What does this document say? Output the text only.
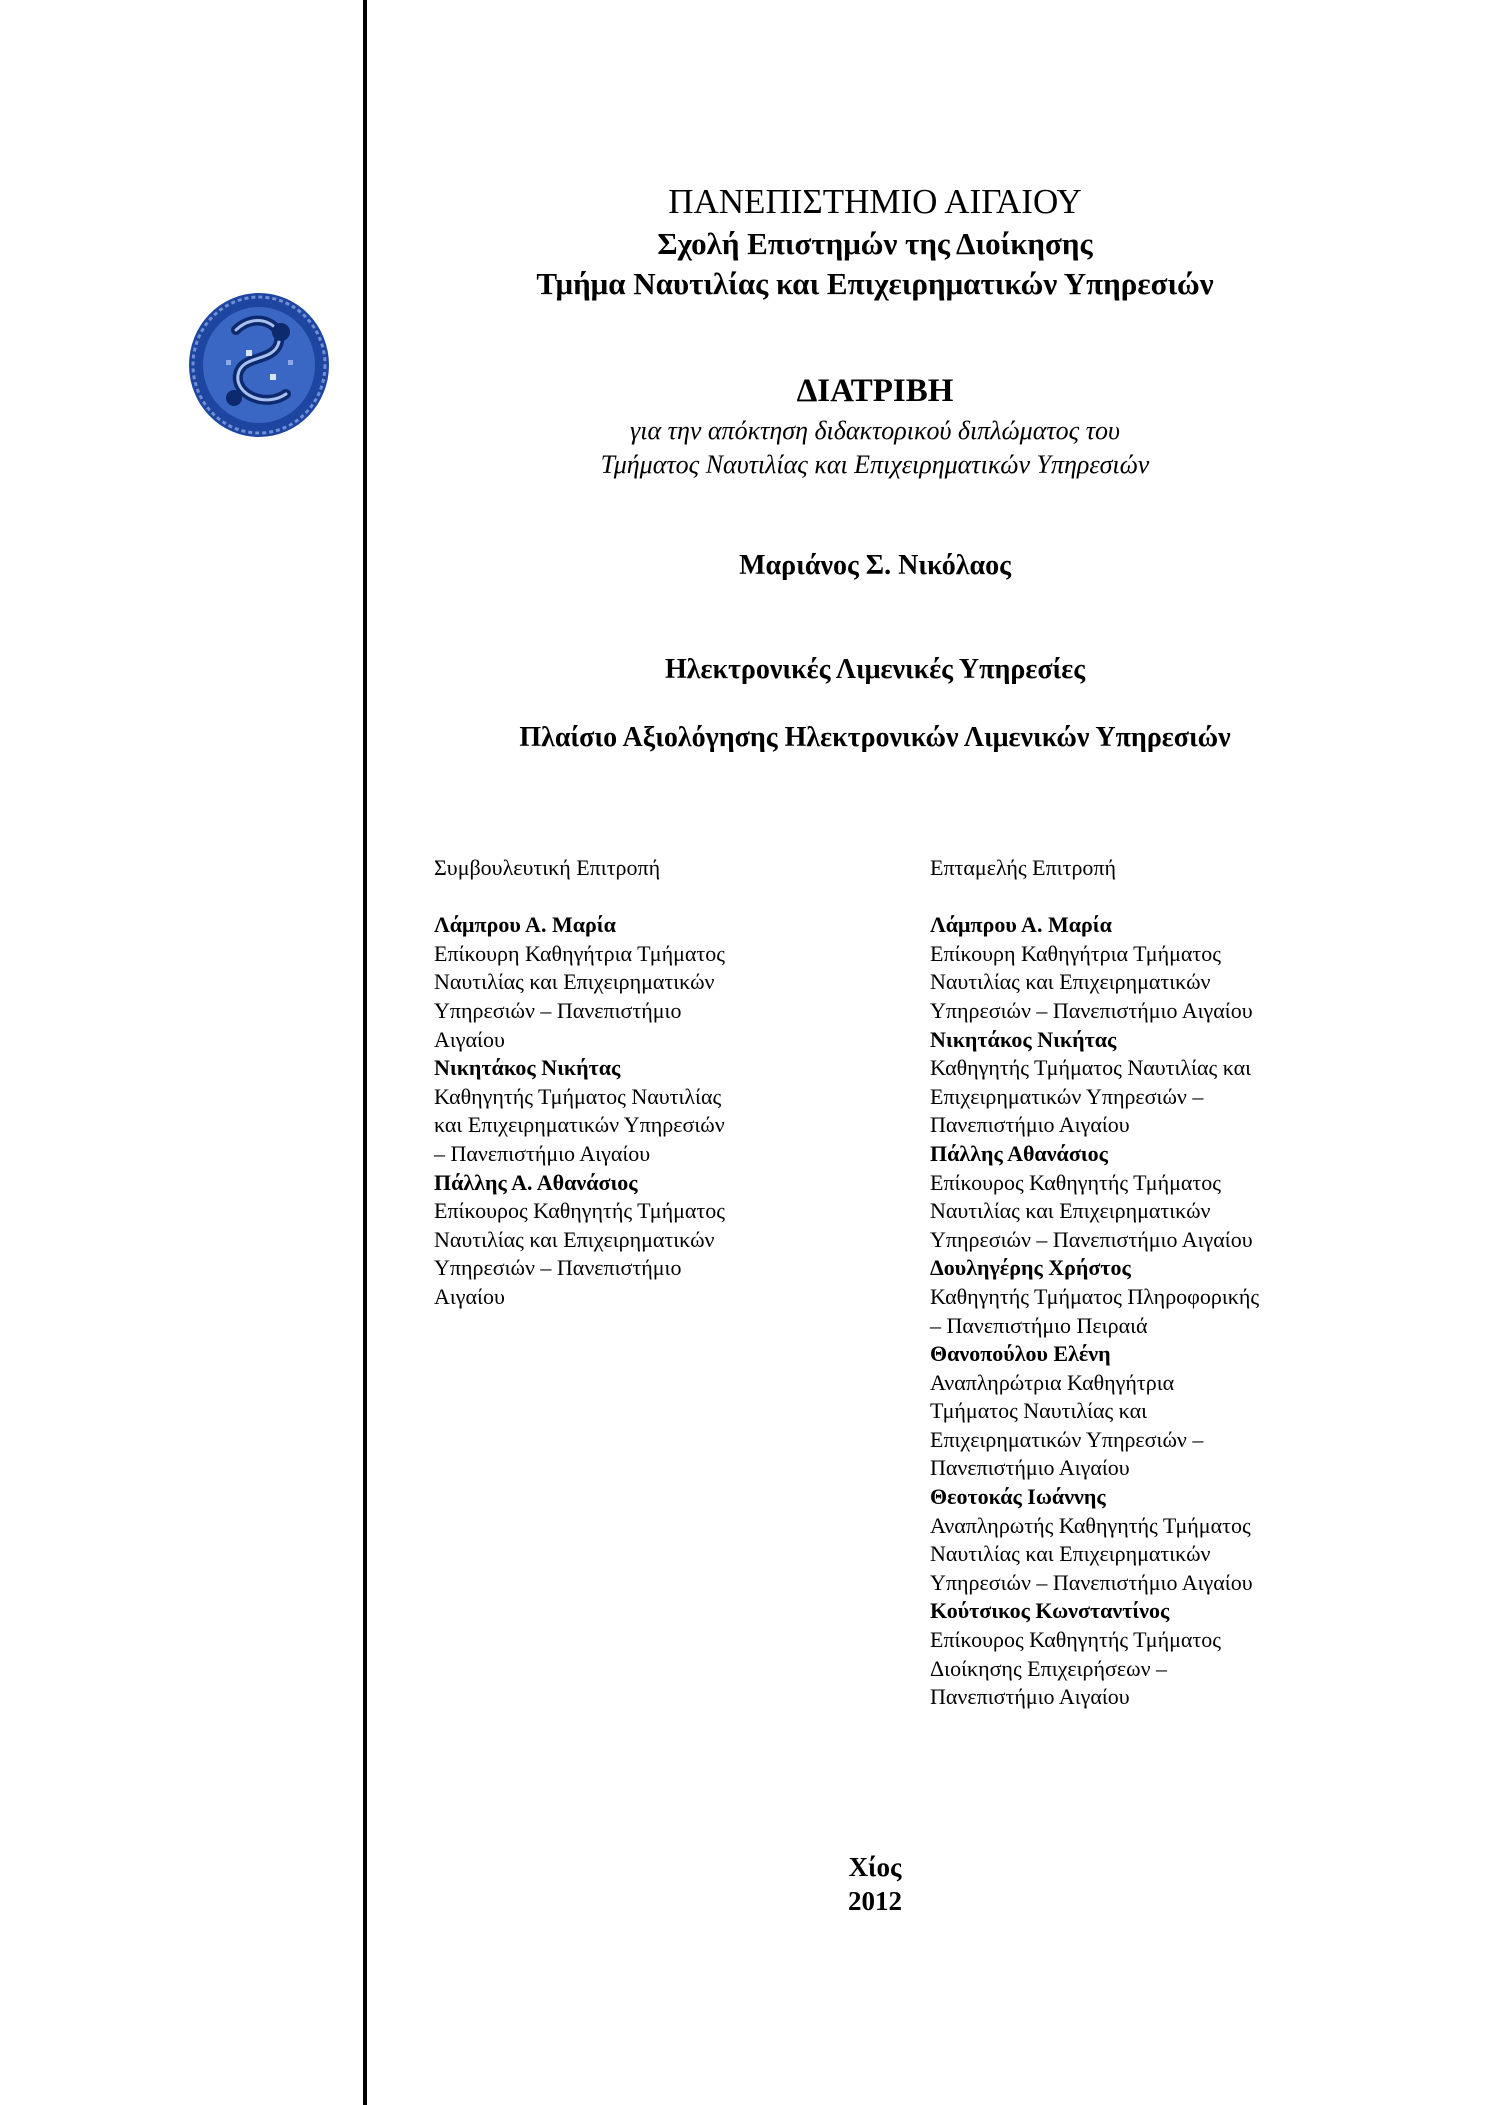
ΠΑΝΕΠΙΣΤΗΜΙΟ ΑΙΓΑΙΟΥ
Σχολή Επιστημών της Διοίκησης
Τμήμα Ναυτιλίας και Επιχειρηματικών Υπηρεσιών
ΔΙΑΤΡΙΒΗ
για την απόκτηση διδακτορικού διπλώματος του
Τμήματος Ναυτιλίας και Επιχειρηματικών Υπηρεσιών
Μαριάνος Σ. Νικόλαος
Ηλεκτρονικές Λιμενικές Υπηρεσίες
Πλαίσιο Αξιολόγησης Ηλεκτρονικών Λιμενικών Υπηρεσιών
Συμβουλευτική Επιτροπή
Λάμπρου Α. Μαρία
Επίκουρη Καθηγήτρια Τμήματος
Ναυτιλίας και Επιχειρηματικών
Υπηρεσιών – Πανεπιστήμιο
Αιγαίου
Νικητάκος Νικήτας
Καθηγητής Τμήματος Ναυτιλίας
και Επιχειρηματικών Υπηρεσιών
– Πανεπιστήμιο Αιγαίου
Πάλλης Α. Αθανάσιος
Επίκουρος Καθηγητής Τμήματος
Ναυτιλίας και Επιχειρηματικών
Υπηρεσιών – Πανεπιστήμιο
Αιγαίου
Επταμελής Επιτροπή
Λάμπρου Α. Μαρία
Επίκουρη Καθηγήτρια Τμήματος
Ναυτιλίας και Επιχειρηματικών
Υπηρεσιών – Πανεπιστήμιο Αιγαίου
Νικητάκος Νικήτας
Καθηγητής Τμήματος Ναυτιλίας και
Επιχειρηματικών Υπηρεσιών –
Πανεπιστήμιο Αιγαίου
Πάλλης Αθανάσιος
Επίκουρος Καθηγητής Τμήματος
Ναυτιλίας και Επιχειρηματικών
Υπηρεσιών – Πανεπιστήμιο Αιγαίου
Δουληγέρης Χρήστος
Καθηγητής Τμήματος Πληροφορικής
– Πανεπιστήμιο Πειραιά
Θανοπούλου Ελένη
Αναπληρώτρια Καθηγήτρια
Τμήματος Ναυτιλίας και
Επιχειρηματικών Υπηρεσιών –
Πανεπιστήμιο Αιγαίου
Θεοτοκάς Ιωάννης
Αναπληρωτής Καθηγητής Τμήματος
Ναυτιλίας και Επιχειρηματικών
Υπηρεσιών – Πανεπιστήμιο Αιγαίου
Κούτσικος Κωνσταντίνος
Επίκουρος Καθηγητής Τμήματος
Διοίκησης Επιχειρήσεων –
Πανεπιστήμιο Αιγαίου
Χίος
2012
